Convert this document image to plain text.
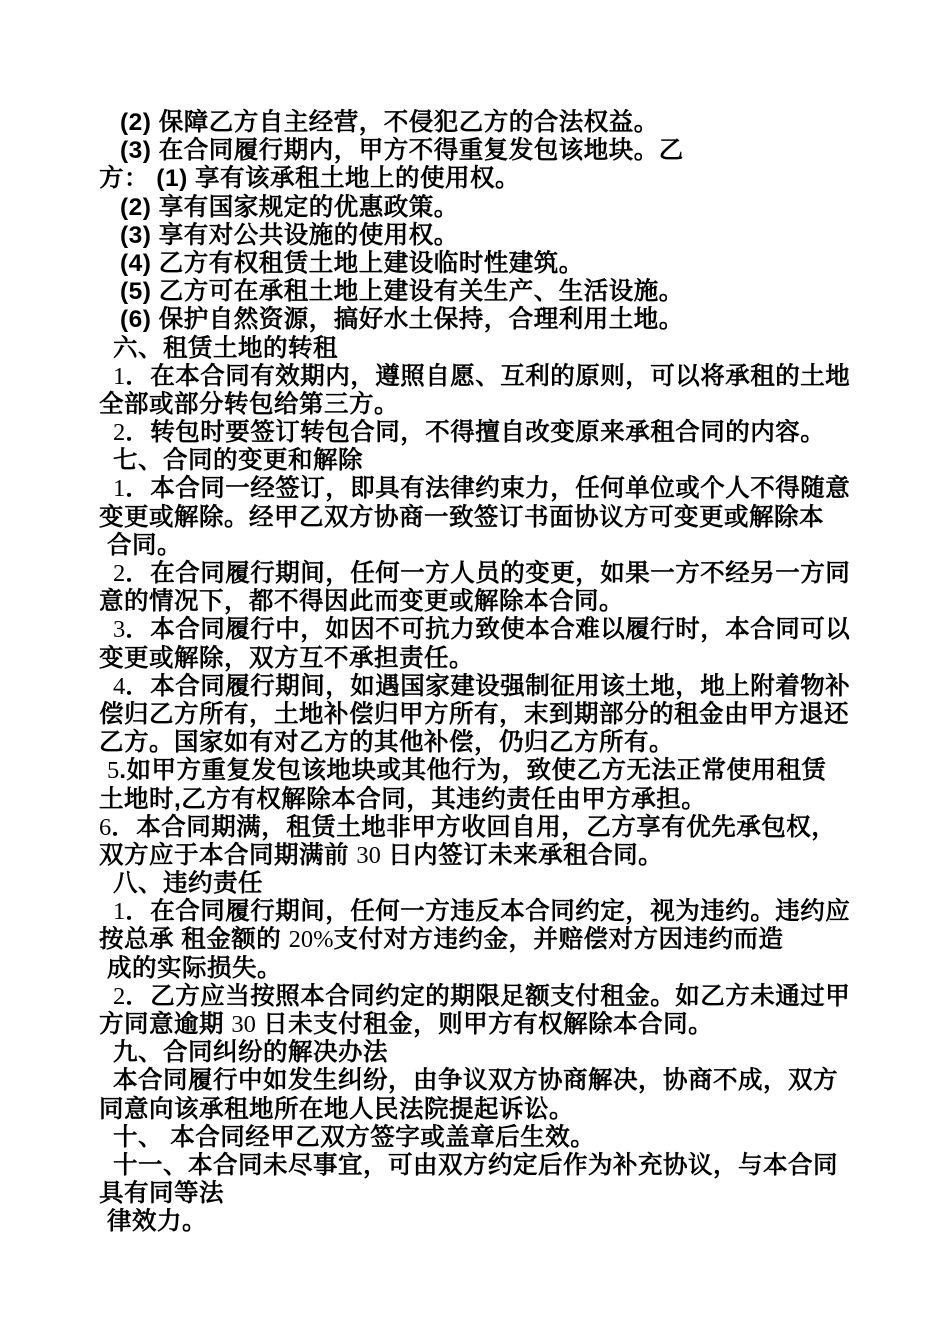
(2) 保障乙方自主经营，不侵犯乙方的合法权益。
(3) 在合同履行期内，甲方不得重复发包该地块。乙
方： (1) 享有该承租土地上的使用权。
(2) 享有国家规定的优惠政策。
(3) 享有对公共设施的使用权。
(4) 乙方有权租赁土地上建设临时性建筑。
(5) 乙方可在承租土地上建设有关生产、生活设施。
(6) 保护自然资源，搞好水土保持，合理利用土地。
六、租赁土地的转租
1．在本合同有效期内，遵照自愿、互利的原则，可以将承租的土地
全部或部分转包给第三方。
2．转包时要签订转包合同，不得擅自改变原来承租合同的内容。
七、合同的变更和解除
1．本合同一经签订，即具有法律约束力，任何单位或个人不得随意
变更或解除。经甲乙双方协商一致签订书面协议方可变更或解除本
合同。
2．在合同履行期间，任何一方人员的变更，如果一方不经另一方同
意的情况下，都不得因此而变更或解除本合同。
3．本合同履行中，如因不可抗力致使本合难以履行时，本合同可以
变更或解除，双方互不承担责任。
4．本合同履行期间，如遇国家建设强制征用该土地，地上附着物补
偿归乙方所有，土地补偿归甲方所有，末到期部分的租金由甲方退还
乙方。国家如有对乙方的其他补偿，仍归乙方所有。
5.如甲方重复发包该地块或其他行为，致使乙方无法正常使用租赁
土地时,乙方有权解除本合同，其违约责任由甲方承担。
6．本合同期满，租赁土地非甲方收回自用，乙方享有优先承包权，
双方应于本合同期满前 30 日内签订未来承租合同。
八、违约责任
1．在合同履行期间，任何一方违反本合同约定，视为违约。违约应
按总承 租金额的 20%支付对方违约金，并赔偿对方因违约而造
成的实际损失。
2．乙方应当按照本合同约定的期限足额支付租金。如乙方未通过甲
方同意逾期 30 日未支付租金，则甲方有权解除本合同。
九、合同纠纷的解决办法
本合同履行中如发生纠纷，由争议双方协商解决，协商不成，双方
同意向该承租地所在地人民法院提起诉讼。
十、 本合同经甲乙双方签字或盖章后生效。
十一、本合同未尽事宜，可由双方约定后作为补充协议，与本合同
具有同等法
律效力。
